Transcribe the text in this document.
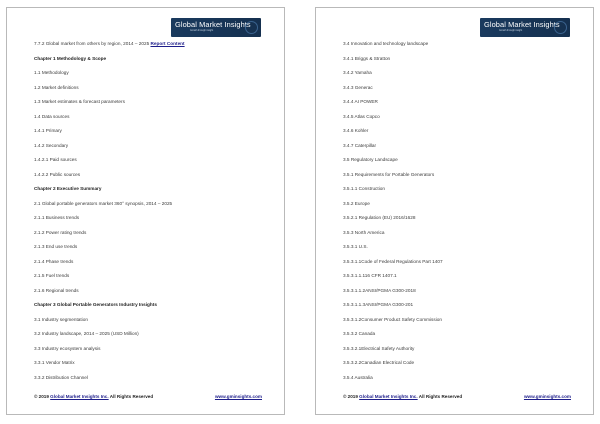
Global Market Insights
Growth through insight
7.7.2 Global market from others by region, 2014 – 2025 Report Content
Chapter 1 Methodology & Scope
1.1 Methodology
1.2 Market definitions
1.3 Market estimates & forecast parameters
1.4 Data sources
1.4.1 Primary
1.4.2 Secondary
1.4.2.1 Paid sources
1.4.2.2 Public sources
Chapter 2 Executive Summary
2.1 Global portable generators market 360° synopsis, 2014 – 2025
2.1.1 Business trends
2.1.2 Power rating trends
2.1.3 End use trends
2.1.4 Phase trends
2.1.5 Fuel trends
2.1.6 Regional trends
Chapter 3 Global Portable Generators Industry Insights
3.1 Industry segmentation
3.2 Industry landscape, 2014 – 2025 (USD Million)
3.3 Industry ecosystem analysis
3.3.1 Vendor Matrix
3.3.2 Distribution Channel
© 2019 Global Market Insights Inc. All Rights Reserved	www.gminsights.com
Global Market Insights
Growth through insight
3.4 Innovation and technology landscape
3.4.1 Briggs & Stratton
3.4.2 Yamaha
3.4.3 Generac
3.4.4 AI POWER
3.4.5 Atlas Copco
3.4.6 Kohler
3.4.7 Caterpillar
3.5 Regulatory Landscape
3.5.1 Requirements for Portable Generators
3.5.1.1 Construction
3.5.2 Europe
3.5.2.1 Regulation (EU) 2016/1628
3.5.3 North America
3.5.3.1 U.S.
3.5.3.1.1Code of Federal Regulations Part 1407
3.5.3.1.1.116 CFR 1407.1
3.5.3.1.1.2ANSI/PGMA G300-2018
3.5.3.1.1.3ANSI/PGMA G300-201
3.5.3.1.2Consumer Product Safety Commission
3.5.3.2 Canada
3.5.3.2.1Electrical Safety Authority
3.5.3.2.2Canadian Electrical Code
3.5.4 Australia
© 2019 Global Market Insights Inc. All Rights Reserved	www.gminsights.com
